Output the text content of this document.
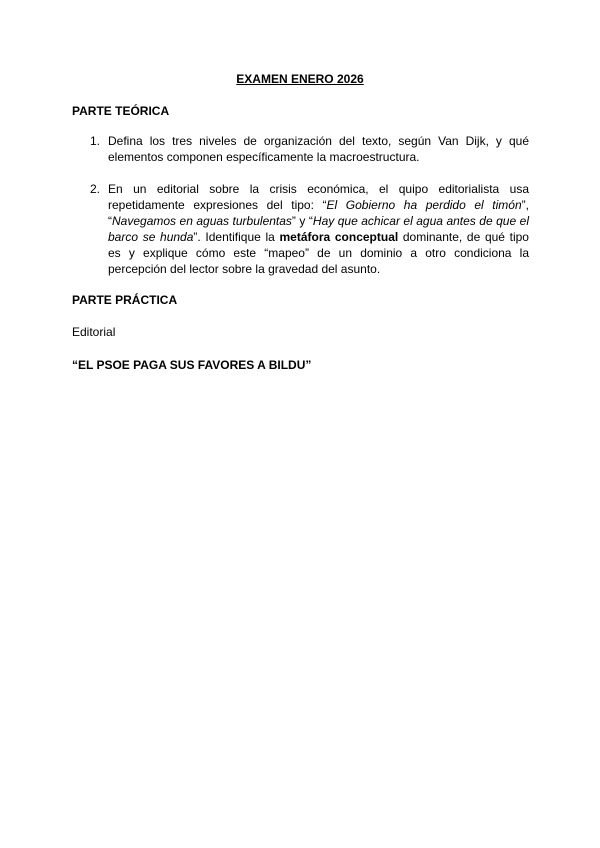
EXAMEN ENERO 2026
PARTE TEÓRICA
1. Defina los tres niveles de organización del texto, según Van Dijk, y qué elementos componen específicamente la macroestructura.
2. En un editorial sobre la crisis económica, el quipo editorialista usa repetidamente expresiones del tipo: “El Gobierno ha perdido el timón”, “Navegamos en aguas turbulentas” y “Hay que achicar el agua antes de que el barco se hunda”. Identifique la metáfora conceptual dominante, de qué tipo es y explique cómo este “mapeo” de un dominio a otro condiciona la percepción del lector sobre la gravedad del asunto.
PARTE PRÁCTICA
Editorial
“EL PSOE PAGA SUS FAVORES A BILDU”
